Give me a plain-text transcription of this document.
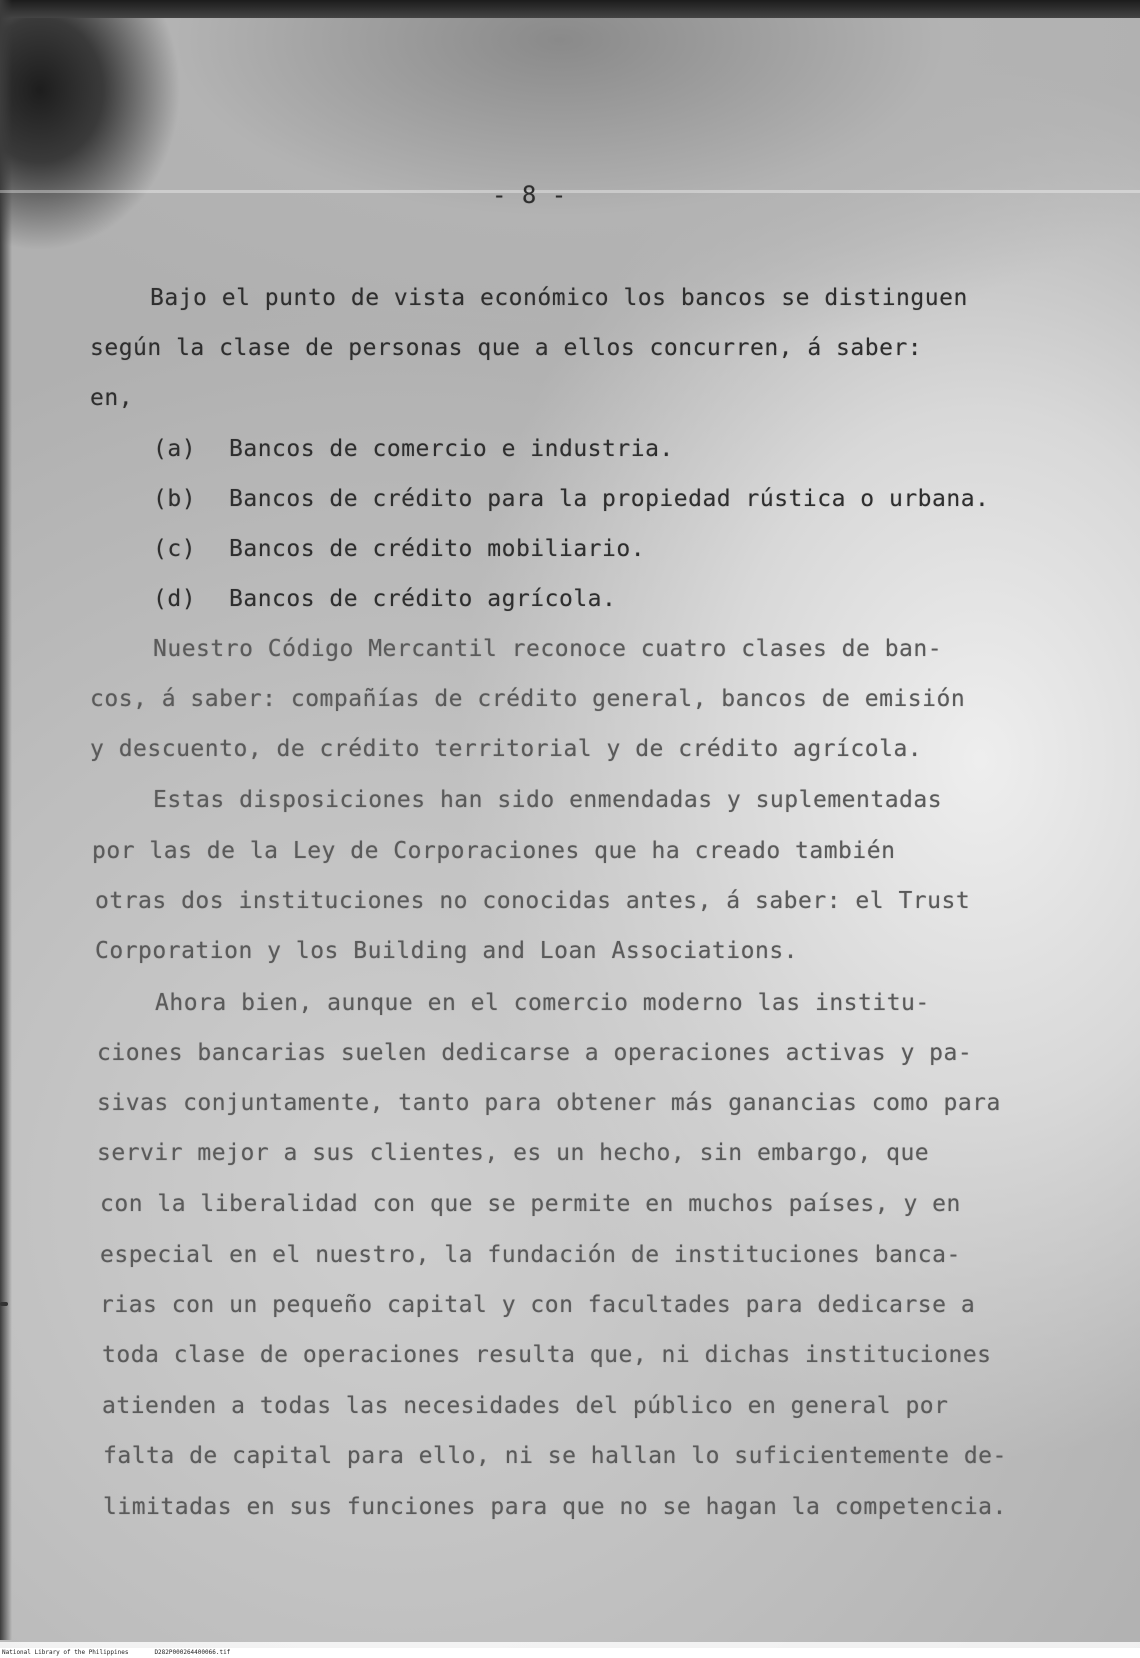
- 8 -
Bajo el punto de vista económico los bancos se distinguen
según la clase de personas que a ellos concurren, á saber:
en,
(a) Bancos de comercio e industria.
(b) Bancos de crédito para la propiedad rústica o urbana.
(c) Bancos de crédito mobiliario.
(d) Bancos de crédito agrícola.
Nuestro Código Mercantil reconoce cuatro clases de ban-
cos, á saber: compañías de crédito general, bancos de emisión
y descuento, de crédito territorial y de crédito agrícola.
Estas disposiciones han sido enmendadas y suplementadas
por las de la Ley de Corporaciones que ha creado también
otras dos instituciones no conocidas antes, á saber: el Trust
Corporation y los Building and Loan Associations.
Ahora bien, aunque en el comercio moderno las institu-
ciones bancarias suelen dedicarse a operaciones activas y pa-
sivas conjuntamente, tanto para obtener más ganancias como para
servir mejor a sus clientes, es un hecho, sin embargo, que
con la liberalidad con que se permite en muchos países, y en
especial en el nuestro, la fundación de instituciones banca-
rias con un pequeño capital y con facultades para dedicarse a
toda clase de operaciones resulta que, ni dichas instituciones
atienden a todas las necesidades del público en general por
falta de capital para ello, ni se hallan lo suficientemente de-
limitadas en sus funciones para que no se hagan la competencia.
National Library of the Philippines	D282P000264400066.tif
